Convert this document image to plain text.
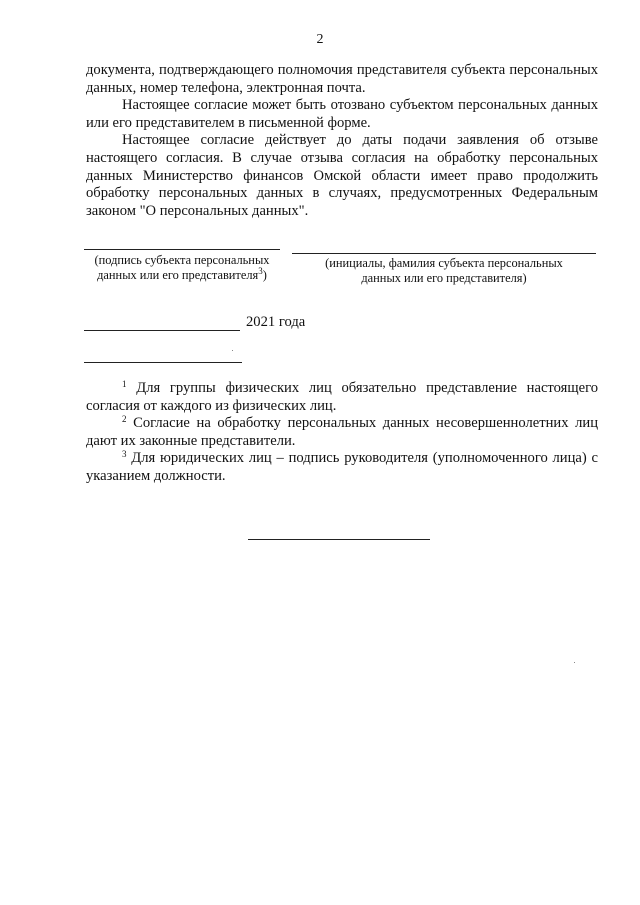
2

документа, подтверждающего полномочия представителя субъекта персональных данных, номер телефона, электронная почта.

Настоящее согласие может быть отозвано субъектом персональных данных или его представителем в письменной форме.

Настоящее согласие действует до даты подачи заявления об отзыве настоящего согласия. В случае отзыва согласия на обработку персональных данных Министерство финансов Омской области имеет право продолжить обработку персональных данных в случаях, предусмотренных Федеральным законом "О персональных данных".

(подпись субъекта персональных
данных или его представителя$^3$)
(инициалы, фамилия субъекта персональных
данных или его представителя)
2021 года

$^1$ Для группы физических лиц обязательно представление настоящего согласия от каждого из физических лиц.

$^2$ Согласие на обработку персональных данных несовершеннолетних лиц дают их законные представители.

$^3$ Для юридических лиц – подпись руководителя (уполномоченного лица) с указанием должности.
